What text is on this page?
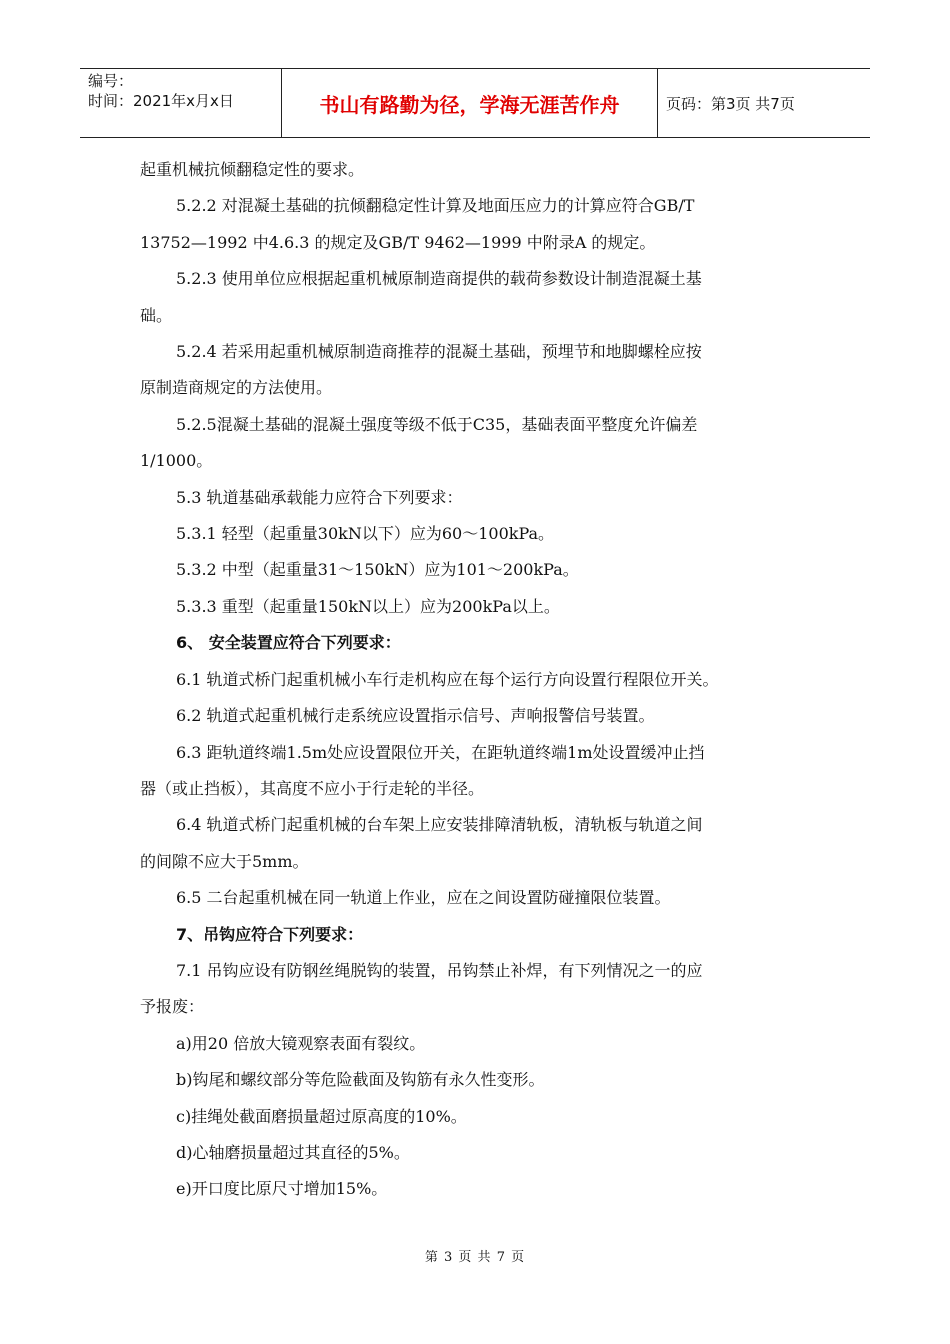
编号：
时间：2021年x月x日	书山有路勤为径，学海无涯苦作舟	页码：第3页 共7页

起重机械抗倾翻稳定性的要求。

5.2.2 对混凝土基础的抗倾翻稳定性计算及地面压应力的计算应符合GB/T

13752—1992 中4.6.3 的规定及GB/T 9462—1999 中附录A 的规定。

5.2.3 使用单位应根据起重机械原制造商提供的载荷参数设计制造混凝土基

础。

5.2.4 若采用起重机械原制造商推荐的混凝土基础，预埋节和地脚螺栓应按

原制造商规定的方法使用。

5.2.5混凝土基础的混凝土强度等级不低于C35，基础表面平整度允许偏差

1/1000。

5.3 轨道基础承载能力应符合下列要求：

5.3.1 轻型（起重量30kN以下）应为60～100kPa。

5.3.2 中型（起重量31～150kN）应为101～200kPa。

5.3.3 重型（起重量150kN以上）应为200kPa以上。

6、 安全装置应符合下列要求：

6.1 轨道式桥门起重机械小车行走机构应在每个运行方向设置行程限位开关。

6.2 轨道式起重机械行走系统应设置指示信号、声响报警信号装置。

6.3 距轨道终端1.5m处应设置限位开关，在距轨道终端1m处设置缓冲止挡

器（或止挡板），其高度不应小于行走轮的半径。

6.4 轨道式桥门起重机械的台车架上应安装排障清轨板，清轨板与轨道之间

的间隙不应大于5mm。

6.5 二台起重机械在同一轨道上作业，应在之间设置防碰撞限位装置。

7、吊钩应符合下列要求：

7.1 吊钩应设有防钢丝绳脱钩的装置，吊钩禁止补焊，有下列情况之一的应

予报废：

a)用20 倍放大镜观察表面有裂纹。

b)钩尾和螺纹部分等危险截面及钩筋有永久性变形。

c)挂绳处截面磨损量超过原高度的10%。

d)心轴磨损量超过其直径的5%。

e)开口度比原尺寸增加15%。

第 3 页 共 7 页
